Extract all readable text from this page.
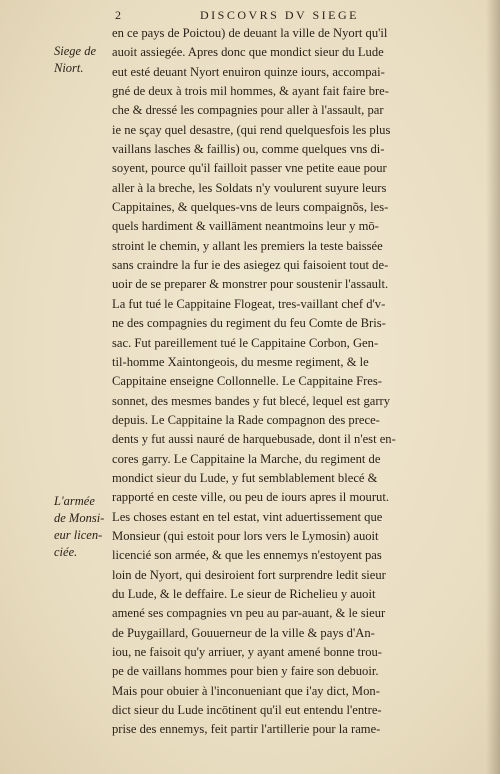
2	DISCOVRS DV SIEGE
Siege de
Niort.
L'armée
de Monsi-
eur licen-
ciée.
en ce pays de Poictou) de deuant la ville de Nyort qu'il
auoit assiegée. Apres donc que mondict sieur du Lude
eut esté deuant Nyort enuiron quinze iours, accompai-
gné de deux à trois mil hommes, & ayant fait faire bre-
che & dressé les compagnies pour aller à l'assault, par
ie ne sçay quel desastre, (qui rend quelquesfois les plus
vaillans lasches & faillis) ou, comme quelques vns di-
soyent, pource qu'il failloit passer vne petite eaue pour
aller à la breche, les Soldats n'y voulurent suyure leurs
Cappitaines, & quelques-vns de leurs compaignõs, les-
quels hardiment & vaillāment neantmoins leur y mō-
stroint le chemin, y allant les premiers la teste baissée
sans craindre la fur ie des asiegez qui faisoient tout de-
uoir de se preparer & monstrer pour soustenir l'assault.
La fut tué le Cappitaine Flogeat, tres-vaillant chef d'v-
ne des compagnies du regiment du feu Comte de Bris-
sac. Fut pareillement tué le Cappitaine Corbon, Gen-
til-homme Xaintongeois, du mesme regiment, & le
Cappitaine enseigne Collonnelle. Le Cappitaine Fres-
sonnet, des mesmes bandes y fut blecé, lequel est garry
depuis. Le Cappitaine la Rade compagnon des prece-
dents y fut aussi nauré de harquebusade, dont il n'est en-
cores garry. Le Cappitaine la Marche, du regiment de
mondict sieur du Lude, y fut semblablement blecé &
rapporté en ceste ville, ou peu de iours apres il mourut.
Les choses estant en tel estat, vint aduertissement que
Monsieur (qui estoit pour lors vers le Lymosin) auoit
licencié son armée, & que les ennemys n'estoyent pas
loin de Nyort, qui desiroient fort surprendre ledit sieur
du Lude, & le deffaire. Le sieur de Richelieu y auoit
amené ses compagnies vn peu au par-auant, & le sieur
de Puygaillard, Gouuerneur de la ville & pays d'An-
iou, ne faisoit qu'y arriuer, y ayant amené bonne trou-
pe de vaillans hommes pour bien y faire son debuoir.
Mais pour obuier à l'inconueniant que i'ay dict, Mon-
dict sieur du Lude incōtinent qu'il eut entendu l'entre-
prise des ennemys, feit partir l'artillerie pour la rame-
